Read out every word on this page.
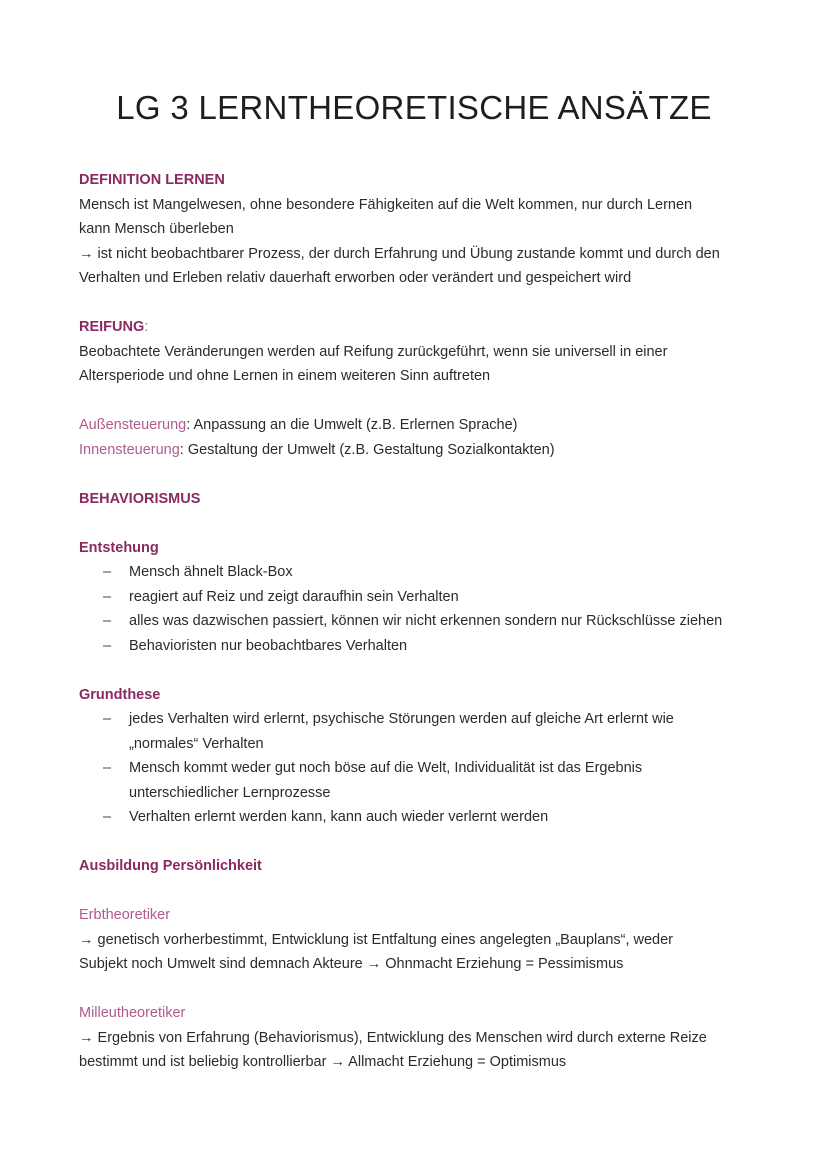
LG 3 LERNTHEORETISCHE ANSÄTZE

DEFINITION LERNEN

Mensch ist Mangelwesen, ohne besondere Fähigkeiten auf die Welt kommen, nur durch Lernen

kann Mensch überleben

→ ist nicht beobachtbarer Prozess, der durch Erfahrung und Übung zustande kommt und durch den

Verhalten und Erleben relativ dauerhaft erworben oder verändert und gespeichert wird

REIFUNG:

Beobachtete Veränderungen werden auf Reifung zurückgeführt, wenn sie universell in einer

Altersperiode und ohne Lernen in einem weiteren Sinn auftreten

Außensteuerung: Anpassung an die Umwelt (z.B. Erlernen Sprache)

Innensteuerung: Gestaltung der Umwelt (z.B. Gestaltung Sozialkontakten)

BEHAVIORISMUS

Entstehung

– Mensch ähnelt Black-Box
– reagiert auf Reiz und zeigt daraufhin sein Verhalten
– alles was dazwischen passiert, können wir nicht erkennen sondern nur Rückschlüsse ziehen
– Behavioristen nur beobachtbares Verhalten

Grundthese

– jedes Verhalten wird erlernt, psychische Störungen werden auf gleiche Art erlernt wie
„normales“ Verhalten
– Mensch kommt weder gut noch böse auf die Welt, Individualität ist das Ergebnis
unterschiedlicher Lernprozesse
– Verhalten erlernt werden kann, kann auch wieder verlernt werden

Ausbildung Persönlichkeit

Erbtheoretiker

→ genetisch vorherbestimmt, Entwicklung ist Entfaltung eines angelegten „Bauplans“, weder

Subjekt noch Umwelt sind demnach Akteure → Ohnmacht Erziehung = Pessimismus

Milleutheoretiker

→ Ergebnis von Erfahrung (Behaviorismus), Entwicklung des Menschen wird durch externe Reize

bestimmt und ist beliebig kontrollierbar → Allmacht Erziehung = Optimismus
